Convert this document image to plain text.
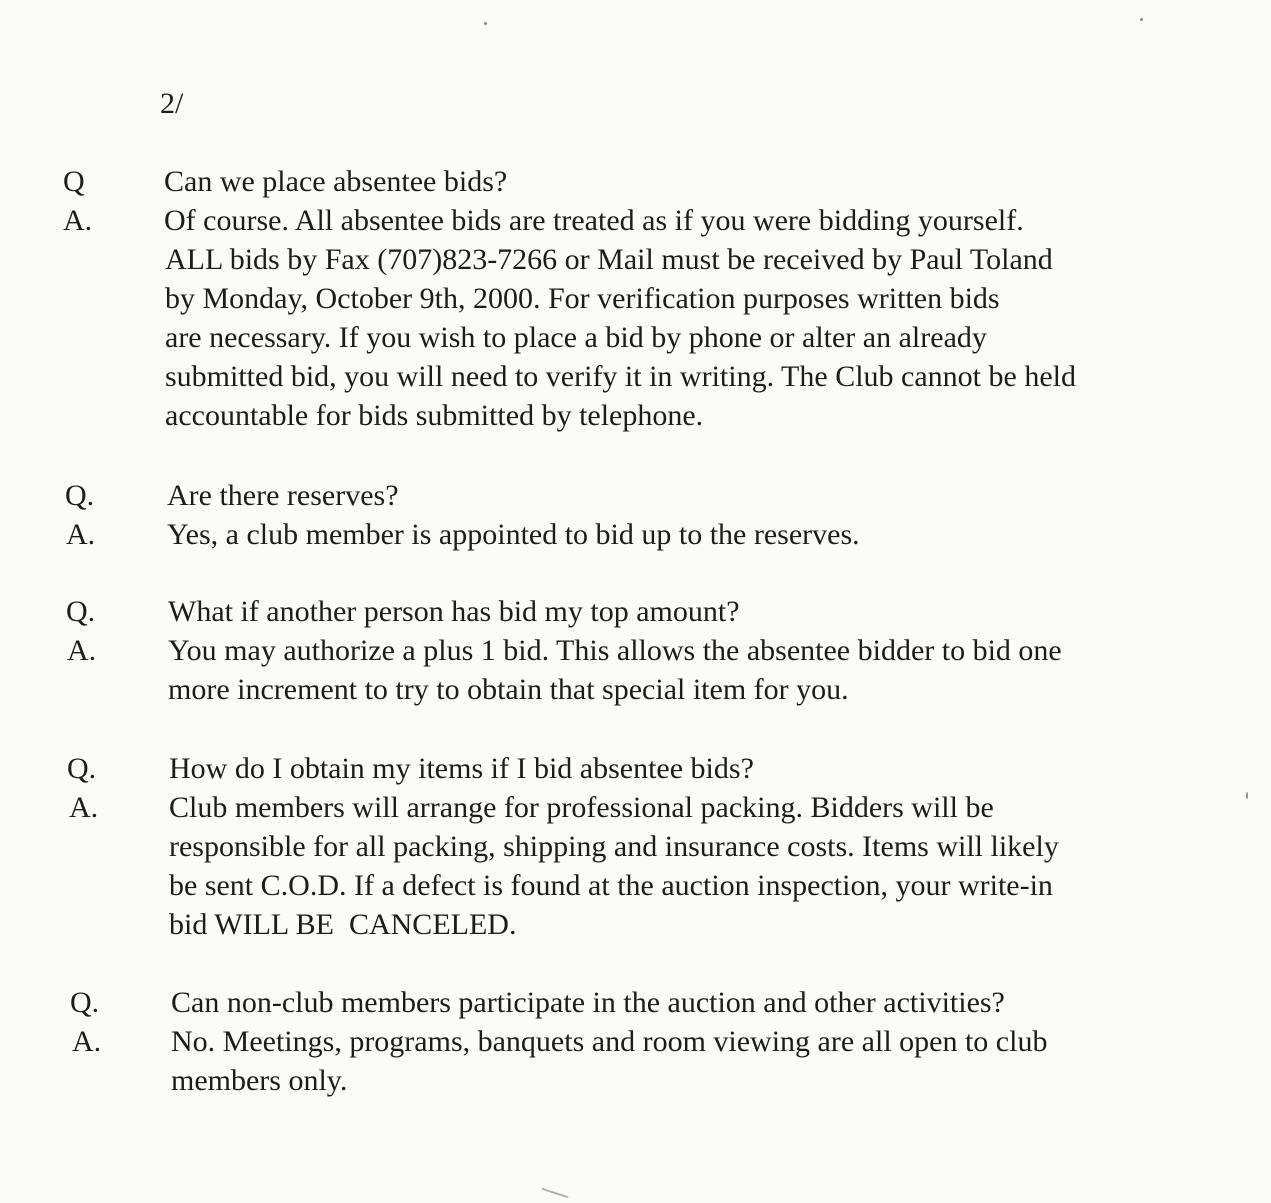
2/
Q	Can we place absentee bids?
A. Of course. All absentee bids are treated as if you were bidding yourself.
ALL bids by Fax (707)823-7266 or Mail must be received by Paul Toland
by Monday, October 9th, 2000. For verification purposes written bids
are necessary. If you wish to place a bid by phone or alter an already
submitted bid, you will need to verify it in writing. The Club cannot be held
accountable for bids submitted by telephone.
Q. Are there reserves?
A. Yes, a club member is appointed to bid up to the reserves.
Q. What if another person has bid my top amount?
A. You may authorize a plus 1 bid. This allows the absentee bidder to bid one
more increment to try to obtain that special item for you.
Q. How do I obtain my items if I bid absentee bids?
A. Club members will arrange for professional packing. Bidders will be
responsible for all packing, shipping and insurance costs. Items will likely
be sent C.O.D. If a defect is found at the auction inspection, your write-in
bid WILL BE  CANCELED.
Q. Can non-club members participate in the auction and other activities?
A. No. Meetings, programs, banquets and room viewing are all open to club
members only.
